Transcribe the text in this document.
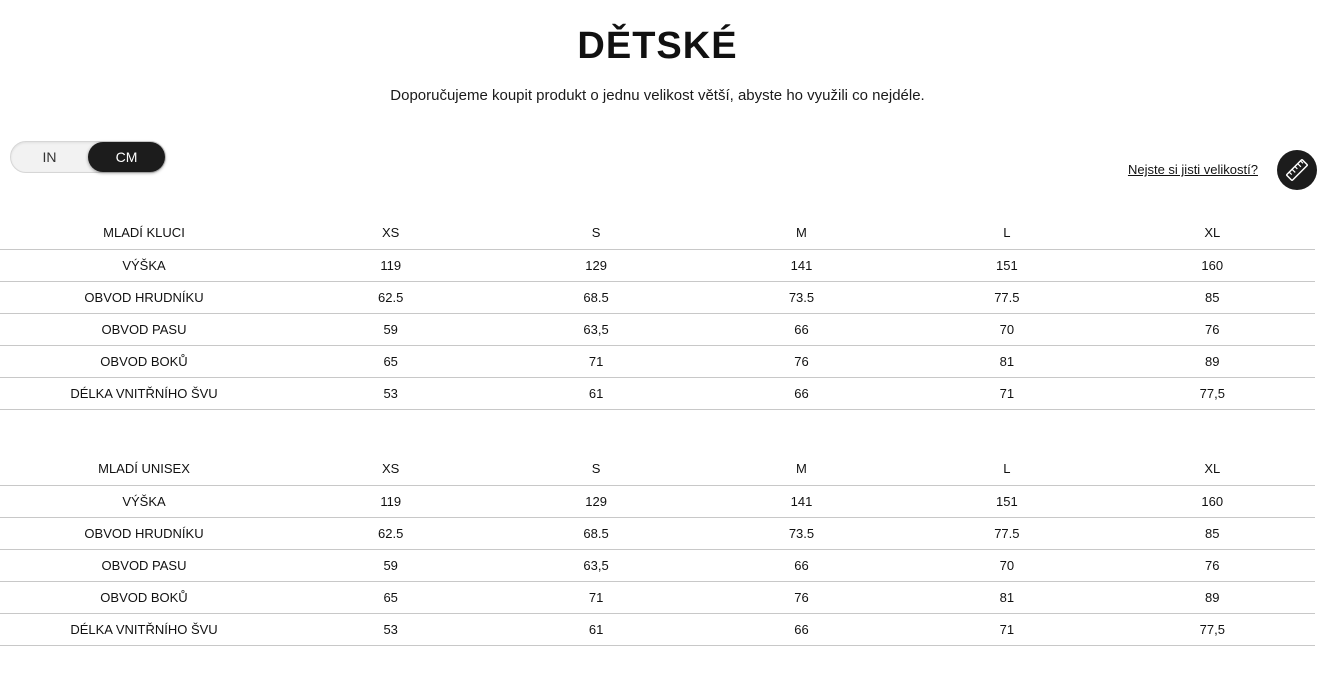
DĚTSKÉ
Doporučujeme koupit produkt o jednu velikost větší, abyste ho využili co nejdéle.
IN	CM
Nejste si jisti velikostí?
MLADÍ KLUCI	XS	S	M	L	XL
VÝŠKA	119	129	141	151	160
OBVOD HRUDNÍKU	62.5	68.5	73.5	77.5	85
OBVOD PASU	59	63,5	66	70	76
OBVOD BOKŮ	65	71	76	81	89
DÉLKA VNITŘNÍHO ŠVU	53	61	66	71	77,5
MLADÍ UNISEX	XS	S	M	L	XL
VÝŠKA	119	129	141	151	160
OBVOD HRUDNÍKU	62.5	68.5	73.5	77.5	85
OBVOD PASU	59	63,5	66	70	76
OBVOD BOKŮ	65	71	76	81	89
DÉLKA VNITŘNÍHO ŠVU	53	61	66	71	77,5
